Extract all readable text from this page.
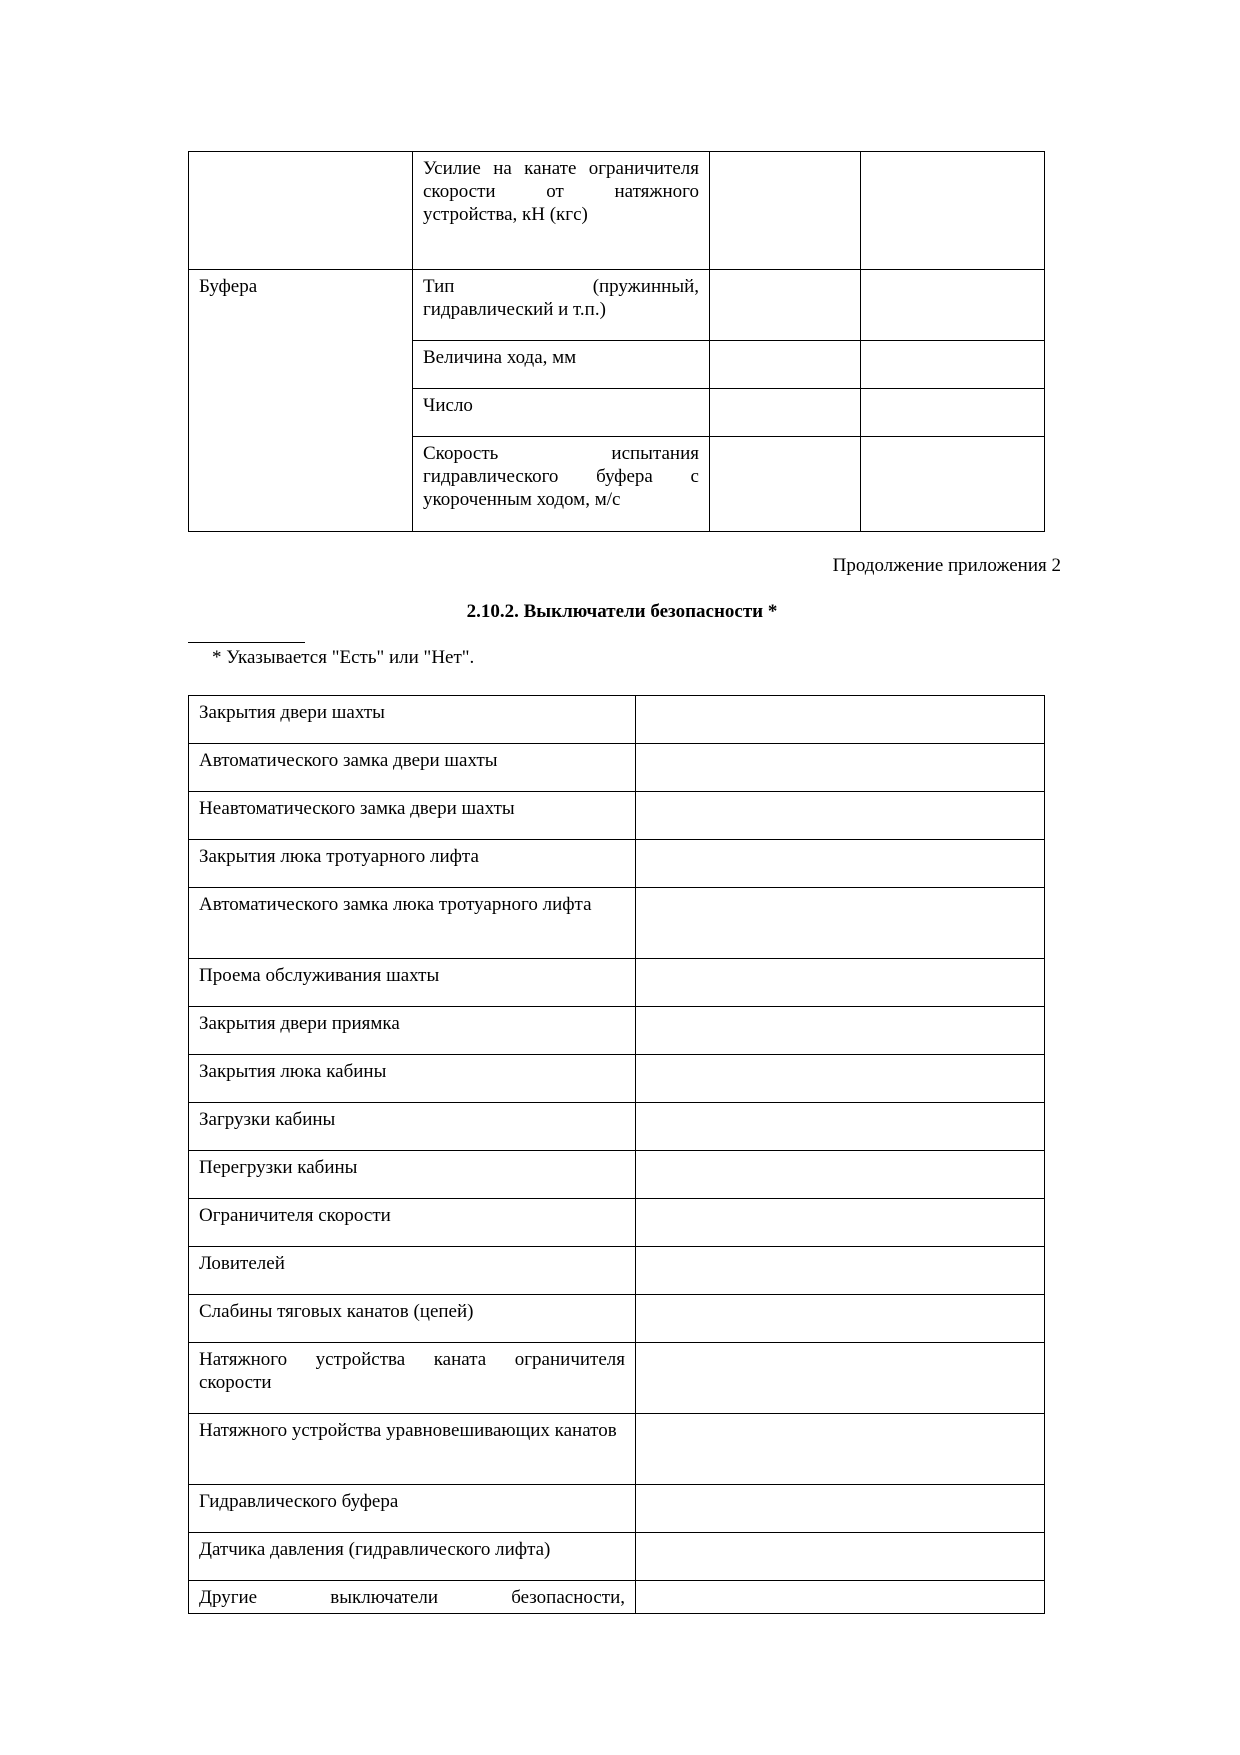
	Усилие на канате ограничителя скорости от натяжного устройства, кН (кгс)		
Буфера	Тип (пружинный, гидравлический и т.п.)		
	Величина хода, мм		
	Число		
	Скорость испытания гидравлического буфера с укороченным ходом, м/с		
Продолжение приложения 2
2.10.2. Выключатели безопасности *
* Указывается "Есть" или "Нет".
Закрытия двери шахты	
Автоматического замка двери шахты	
Неавтоматического замка двери шахты	
Закрытия люка тротуарного лифта	
Автоматического замка люка тротуарного лифта	
Проема обслуживания шахты	
Закрытия двери приямка	
Закрытия люка кабины	
Загрузки кабины	
Перегрузки кабины	
Ограничителя скорости	
Ловителей	
Слабины тяговых канатов (цепей)	
Натяжного устройства каната ограничителя скорости	
Натяжного устройства уравновешивающих канатов	
Гидравлического буфера	
Датчика давления (гидравлического лифта)	
Другие выключатели безопасности,	
